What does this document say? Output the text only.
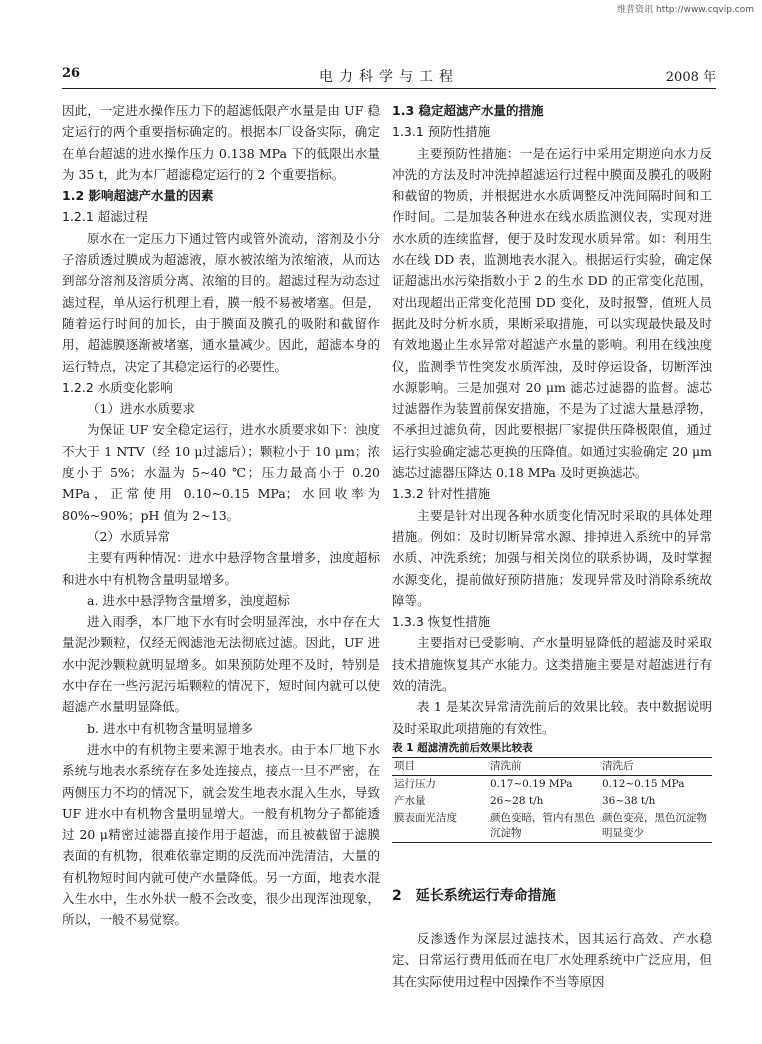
维普资讯 http://www.cqvip.com
26	电力科学与工程	2008 年

因此，一定进水操作压力下的超滤低限产水量是由 UF 稳定运行的两个重要指标确定的。根据本厂设备实际，确定在单台超滤的进水操作压力 0.138 MPa 下的低限出水量为 35 t，此为本厂超滤稳定运行的 2 个重要指标。

1.2 影响超滤产水量的因素

1.2.1 超滤过程

原水在一定压力下通过管内或管外流动，溶剂及小分子溶质透过膜成为超滤液，原水被浓缩为浓缩液，从而达到部分溶剂及溶质分离、浓缩的目的。超滤过程为动态过滤过程，单从运行机理上看，膜一般不易被堵塞。但是，随着运行时间的加长，由于膜面及膜孔的吸附和截留作用，超滤膜逐渐被堵塞，通水量减少。因此，超滤本身的运行特点，决定了其稳定运行的必要性。

1.2.2 水质变化影响

（1）进水水质要求

为保证 UF 安全稳定运行，进水水质要求如下：浊度不大于 1 NTV（经 10 μ过滤后）；颗粒小于 10 μm；浓度小于 5%；水温为 5~40 ℃；压力最高小于 0.20 MPa，正常使用 0.10~0.15 MPa；水回收率为 80%~90%；pH 值为 2~13。

（2）水质异常

主要有两种情况：进水中悬浮物含量增多，浊度超标和进水中有机物含量明显增多。

a. 进水中悬浮物含量增多，浊度超标

进入雨季，本厂地下水有时会明显浑浊，水中存在大量泥沙颗粒，仅经无阀滤池无法彻底过滤。因此，UF 进水中泥沙颗粒就明显增多。如果预防处理不及时，特别是水中存在一些污泥污垢颗粒的情况下，短时间内就可以使超滤产水量明显降低。

b. 进水中有机物含量明显增多

进水中的有机物主要来源于地表水。由于本厂地下水系统与地表水系统存在多处连接点，接点一旦不严密，在两侧压力不均的情况下，就会发生地表水混入生水，导致 UF 进水中有机物含量明显增大。一般有机物分子都能透过 20 μ精密过滤器直接作用于超滤，而且被截留于滤膜表面的有机物，很难依靠定期的反洗而冲洗清洁，大量的有机物短时间内就可使产水量降低。另一方面，地表水混入生水中，生水外状一般不会改变，很少出现浑浊现象，所以，一般不易觉察。

1.3 稳定超滤产水量的措施

1.3.1 预防性措施

主要预防性措施：一是在运行中采用定期逆向水力反冲洗的方法及时冲洗掉超滤运行过程中膜面及膜孔的吸附和截留的物质，并根据进水水质调整反冲洗间隔时间和工作时间。二是加装各种进水在线水质监测仪表，实现对进水水质的连续监督，便于及时发现水质异常。如：利用生水在线 DD 表，监测地表水混入。根据运行实验，确定保证超滤出水污染指数小于 2 的生水 DD 的正常变化范围，对出现超出正常变化范围 DD 变化，及时报警，值班人员据此及时分析水质，果断采取措施，可以实现最快最及时有效地遏止生水异常对超滤产水量的影响。利用在线浊度仪，监测季节性突发水质浑浊，及时停运设备，切断浑浊水源影响。三是加强对 20 μm 滤芯过滤器的监督。滤芯过滤器作为装置前保安措施，不是为了过滤大量悬浮物，不承担过滤负荷，因此要根据厂家提供压降极限值，通过运行实验确定滤芯更换的压降值。如通过实验确定 20 μm 滤芯过滤器压降达 0.18 MPa 及时更换滤芯。

1.3.2 针对性措施

主要是针对出现各种水质变化情况时采取的具体处理措施。例如：及时切断异常水源、排掉进入系统中的异常水质、冲洗系统；加强与相关岗位的联系协调，及时掌握水源变化，提前做好预防措施；发现异常及时消除系统故障等。

1.3.3 恢复性措施

主要指对已受影响、产水量明显降低的超滤及时采取技术措施恢复其产水能力。这类措施主要是对超滤进行有效的清洗。

表 1 是某次异常清洗前后的效果比较。表中数据说明及时采取此项措施的有效性。

表 1 超滤清洗前后效果比较表

项目	清洗前	清洗后
运行压力	0.17~0.19 MPa	0.12~0.15 MPa
产水量	26~28 t/h	36~38 t/h
膜表面光洁度	颜色变暗，管内有黑色沉淀物	颜色变亮，黑色沉淀物明显变少

2 延长系统运行寿命措施

反渗透作为深层过滤技术，因其运行高效、产水稳定、日常运行费用低而在电厂水处理系统中广泛应用，但其在实际使用过程中因操作不当等原因
